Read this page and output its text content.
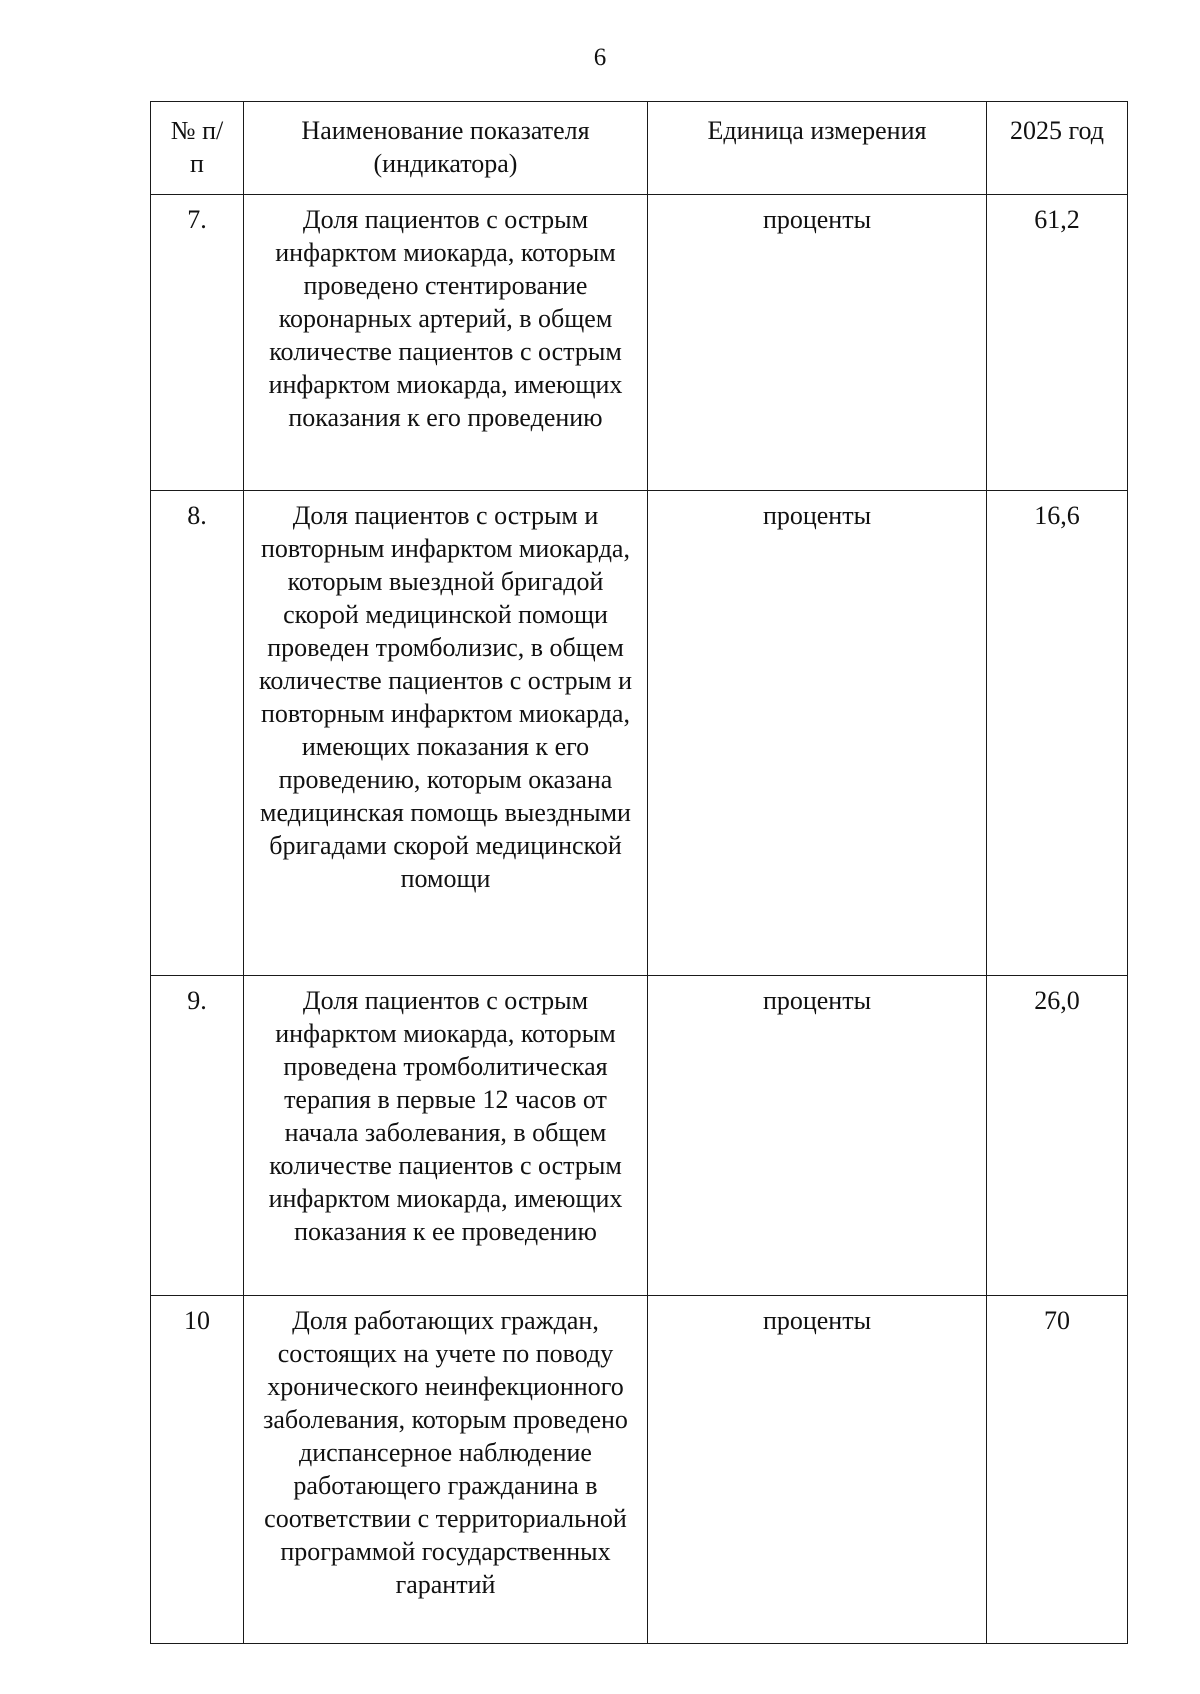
6
№ п/п	Наименование показателя (индикатора)	Единица измерения	2025 год
7.	Доля пациентов с острым инфарктом миокарда, которым проведено стентирование коронарных артерий, в общем количестве пациентов с острым инфарктом миокарда, имеющих показания к его проведению	проценты	61,2
8.	Доля пациентов с острым и повторным инфарктом миокарда, которым выездной бригадой скорой медицинской помощи проведен тромболизис, в общем количестве пациентов с острым и повторным инфарктом миокарда, имеющих показания к его проведению, которым оказана медицинская помощь выездными бригадами скорой медицинской помощи	проценты	16,6
9.	Доля пациентов с острым инфарктом миокарда, которым проведена тромболитическая терапия в первые 12 часов от начала заболевания, в общем количестве пациентов с острым инфарктом миокарда, имеющих показания к ее проведению	проценты	26,0
10	Доля работающих граждан, состоящих на учете по поводу хронического неинфекционного заболевания, которым проведено диспансерное наблюдение работающего гражданина в соответствии с территориальной программой государственных гарантий	проценты	70
